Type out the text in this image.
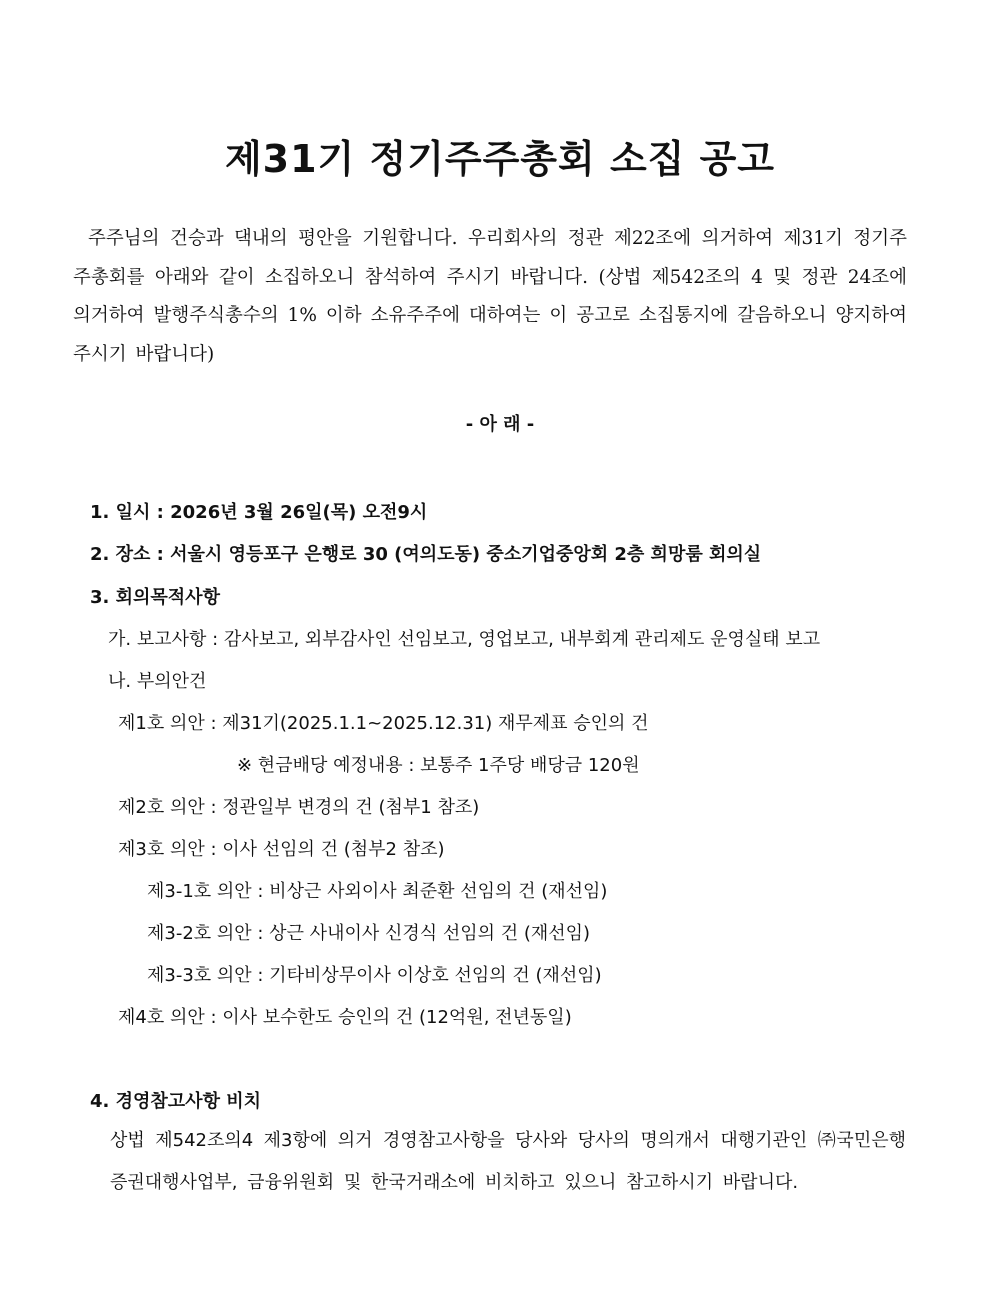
제31기 정기주주총회 소집 공고

주주님의 건승과 댁내의 평안을 기원합니다. 우리회사의 정관 제22조에 의거하여 제31기 정기주주총회를 아래와 같이 소집하오니 참석하여 주시기 바랍니다. (상법 제542조의 4 및 정관 24조에 의거하여 발행주식총수의 1% 이하 소유주주에 대하여는 이 공고로 소집통지에 갈음하오니 양지하여 주시기 바랍니다)

- 아 래 -
1. 일시 : 2026년 3월 26일(목) 오전9시
2. 장소 : 서울시 영등포구 은행로 30 (여의도동) 중소기업중앙회 2층 희망룸 회의실
3. 회의목적사항
가. 보고사항 : 감사보고, 외부감사인 선임보고, 영업보고, 내부회계 관리제도 운영실태 보고
나. 부의안건
제1호 의안 : 제31기(2025.1.1~2025.12.31) 재무제표 승인의 건
※ 현금배당 예정내용 : 보통주 1주당 배당금 120원
제2호 의안 : 정관일부 변경의 건 (첨부1 참조)
제3호 의안 : 이사 선임의 건 (첨부2 참조)
제3-1호 의안 : 비상근 사외이사 최준환 선임의 건 (재선임)
제3-2호 의안 : 상근 사내이사 신경식 선임의 건 (재선임)
제3-3호 의안 : 기타비상무이사 이상호 선임의 건 (재선임)
제4호 의안 : 이사 보수한도 승인의 건 (12억원, 전년동일)
4. 경영참고사항 비치

상법 제542조의4 제3항에 의거 경영참고사항을 당사와 당사의 명의개서 대행기관인 ㈜국민은행 증권대행사업부, 금융위원회 및 한국거래소에 비치하고 있으니 참고하시기 바랍니다.
